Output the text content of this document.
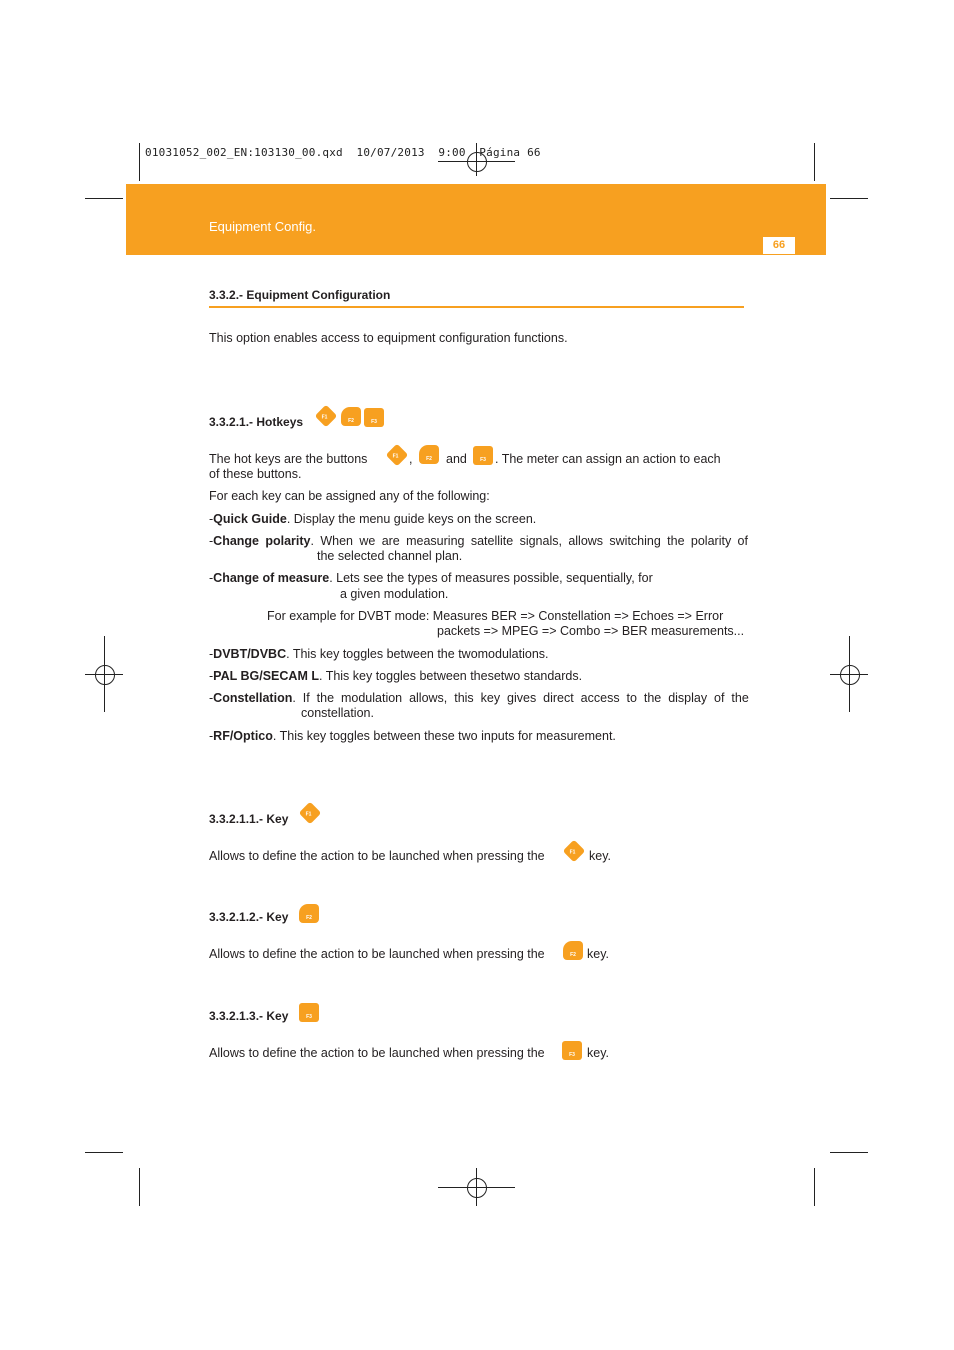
01031052_002_EN:103130_00.qxd  10/07/2013  9:00  Página 66
Equipment Config.
66
3.3.2.- Equipment Configuration
This option enables access to equipment configuration functions.
3.3.2.1.- Hotkeys	F1
F2	F3
The hot keys are the buttons	F1 ,	F2	and	F3 . The meter can assign an action to each
of these buttons.
For each key can be assigned any of the following:
-Quick Guide. Display the menu guide keys on the screen.
-Change polarity. When we are measuring satellite signals, allows switching the polarity of
the selected channel plan.
-Change of measure. Lets see the types of measures possible, sequentially, for
a given modulation.
For example for DVBT mode: Measures BER => Constellation => Echoes => Error
packets => MPEG => Combo => BER measurements...
-DVBT/DVBC. This key toggles between the twomodulations.
-PAL BG/SECAM L. This key toggles between thesetwo standards.
-Constellation.  If  the  modulation  allows,  this  key  gives  direct  access  to  the  display  of  the
constellation.
-RF/Optico. This key toggles between these two inputs for measurement.
3.3.2.1.1.- Key	F1
Allows to define the action to be launched when pressing the	F1	key.
3.3.2.1.2.- Key	F2
Allows to define the action to be launched when pressing the	F2 key.
3.3.2.1.3.- Key	F3
Allows to define the action to be launched when pressing the	F3 key.
